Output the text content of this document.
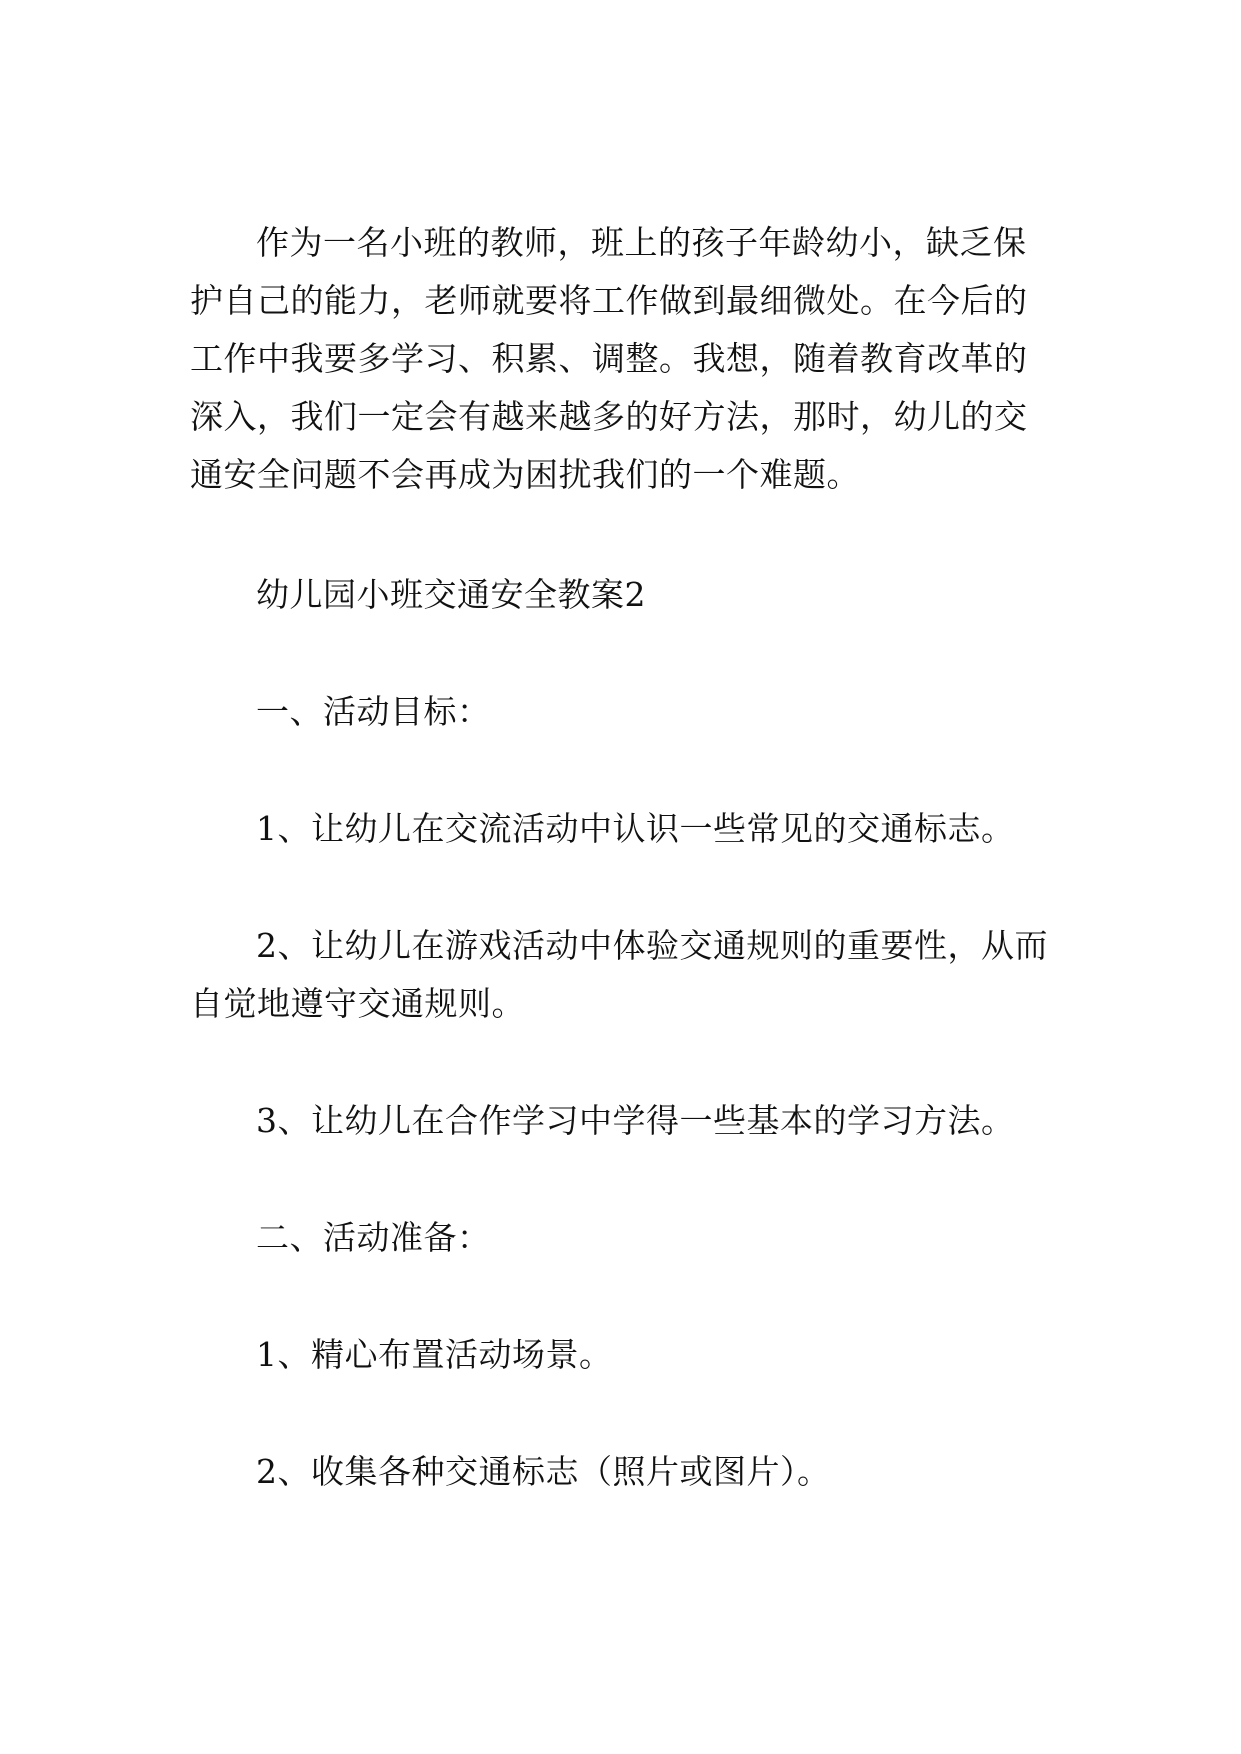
作为一名小班的教师，班上的孩子年龄幼小，缺乏保护自己的能力，老师就要将工作做到最细微处。在今后的工作中我要多学习、积累、调整。我想，随着教育改革的深入，我们一定会有越来越多的好方法，那时，幼儿的交通安全问题不会再成为困扰我们的一个难题。

幼儿园小班交通安全教案2

一、活动目标：

1、让幼儿在交流活动中认识一些常见的交通标志。

2、让幼儿在游戏活动中体验交通规则的重要性，从而自觉地遵守交通规则。

3、让幼儿在合作学习中学得一些基本的学习方法。

二、活动准备：

1、精心布置活动场景。

2、收集各种交通标志（照片或图片）。
